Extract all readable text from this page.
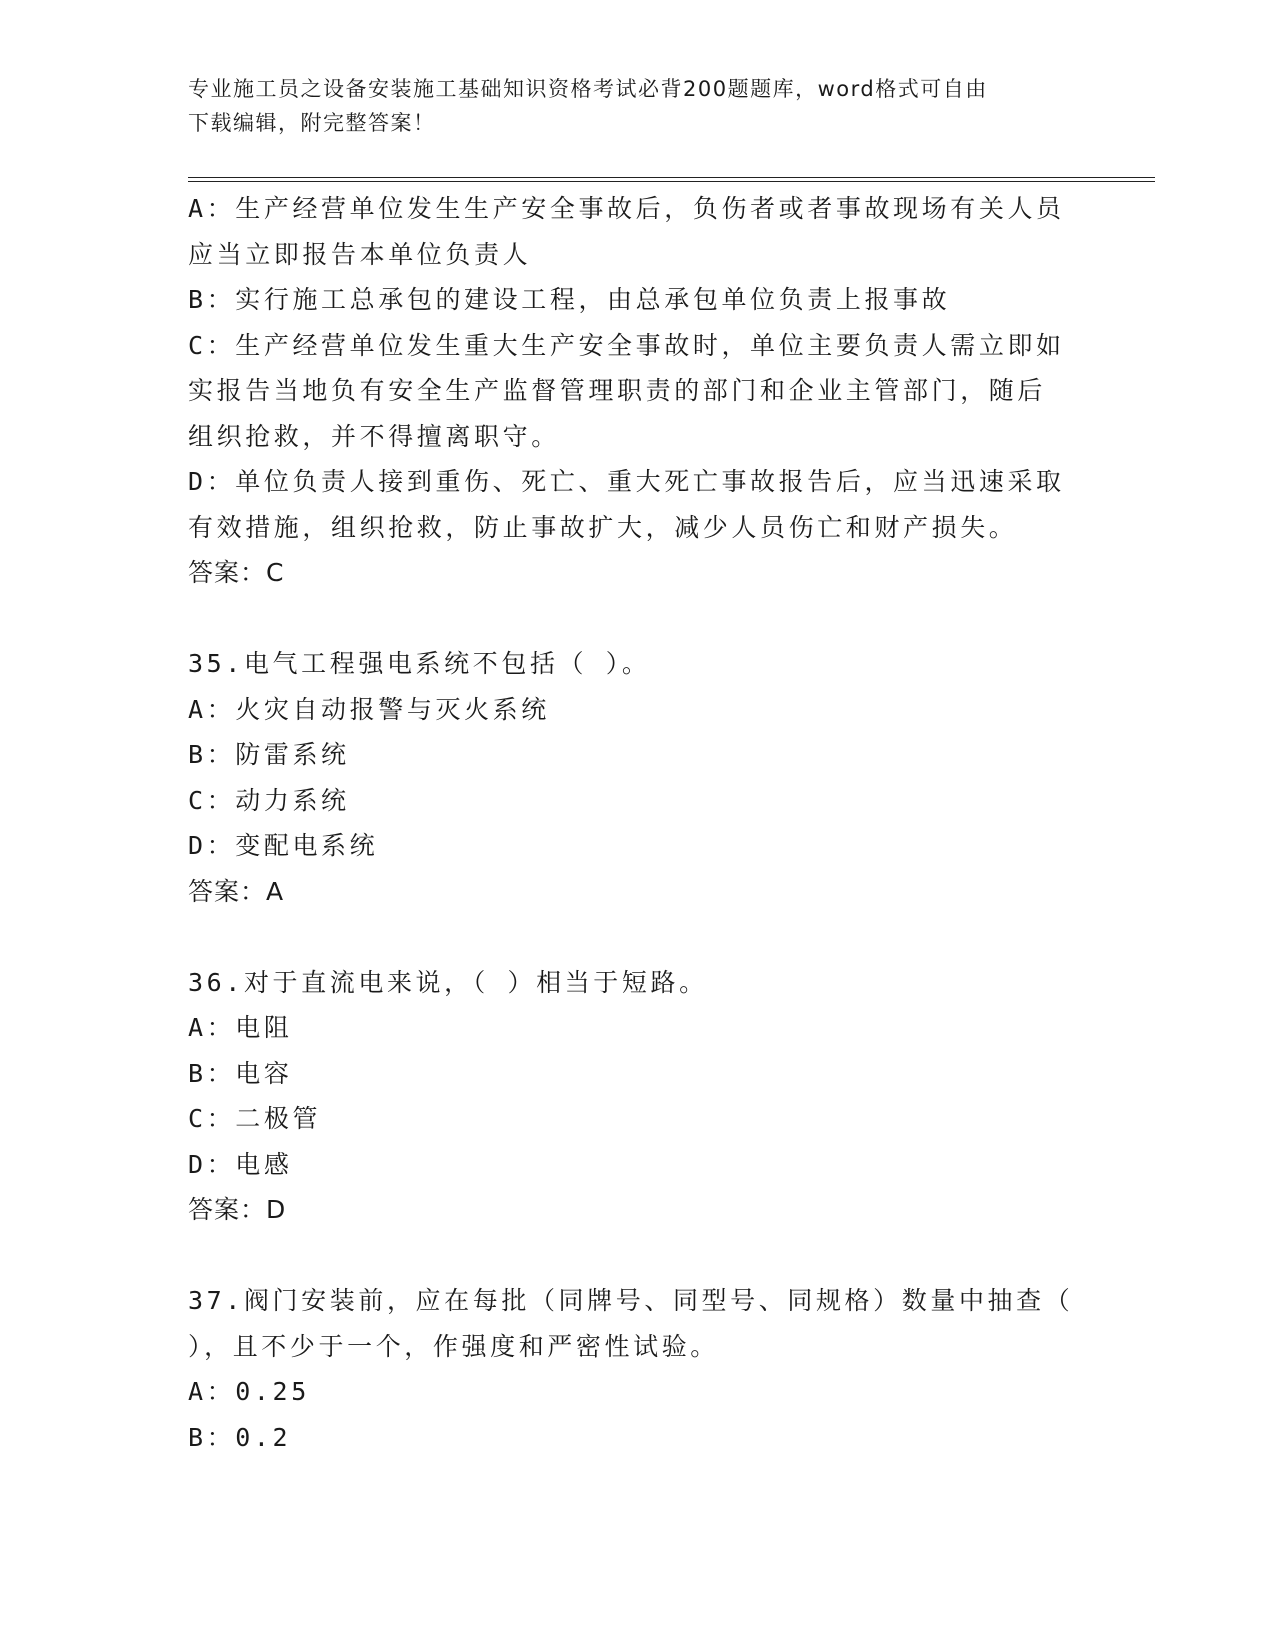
专业施工员之设备安装施工基础知识资格考试必背200题题库，word格式可自由
下载编辑，附完整答案！
A：生产经营单位发生生产安全事故后，负伤者或者事故现场有关人员
应当立即报告本单位负责人
B：实行施工总承包的建设工程，由总承包单位负责上报事故
C：生产经营单位发生重大生产安全事故时，单位主要负责人需立即如
实报告当地负有安全生产监督管理职责的部门和企业主管部门，随后
组织抢救，并不得擅离职守。
D：单位负责人接到重伤、死亡、重大死亡事故报告后，应当迅速采取
有效措施，组织抢救，防止事故扩大，减少人员伤亡和财产损失。
答案：C
35.电气工程强电系统不包括（ ）。
A：火灾自动报警与灭火系统
B：防雷系统
C：动力系统
D：变配电系统
答案：A
36.对于直流电来说，（ ）相当于短路。
A：电阻
B：电容
C：二极管
D：电感
答案：D
37.阀门安装前，应在每批（同牌号、同型号、同规格）数量中抽查（
），且不少于一个，作强度和严密性试验。
A：0.25
B：0.2
